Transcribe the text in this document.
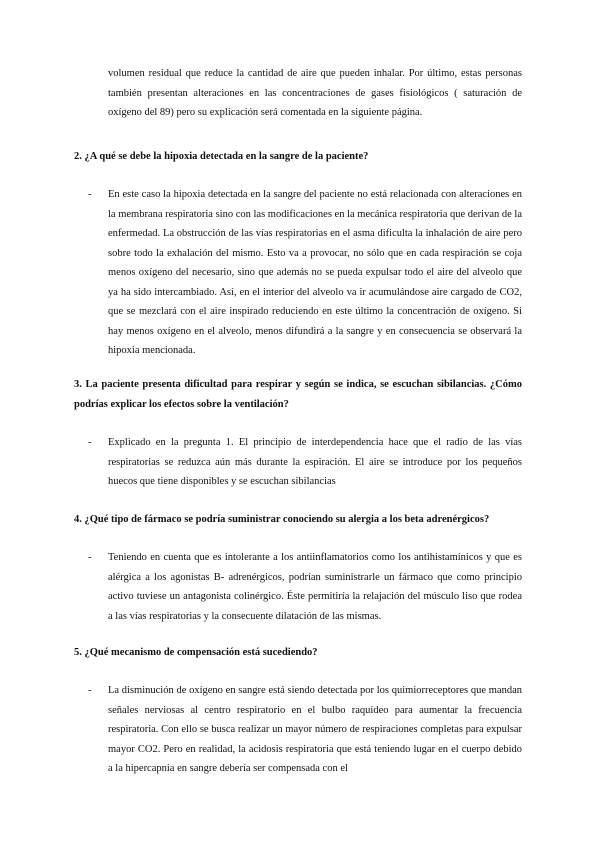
volumen residual que reduce la cantidad de aire que pueden inhalar. Por último, estas personas también presentan alteraciones en las concentraciones de gases fisiológicos ( saturación de oxígeno del 89) pero su explicación será comentada en la siguiente página.

2. ¿A qué se debe la hipoxia detectada en la sangre de la paciente?

- En este caso la hipoxia detectada en la sangre del paciente no está relacionada con alteraciones en la membrana respiratoria sino con las modificaciones en la mecánica respiratoria que derivan de la enfermedad. La obstrucción de las vías respiratorias en el asma dificulta la inhalación de aire pero sobre todo la exhalación del mismo. Esto va a provocar, no sólo que en cada respiración se coja menos oxígeno del necesario, sino que además no se pueda expulsar todo el aire del alveolo que ya ha sido intercambiado. Así, en el interior del alveolo va ir acumulándose aire cargado de CO2, que se mezclará con el aire inspirado reduciendo en este último la concentración de oxígeno. Si hay menos oxígeno en el alveolo, menos difundirá a la sangre y en consecuencia se observará la hipoxia mencionada.

3. La paciente presenta dificultad para respirar y según se indica, se escuchan sibilancias. ¿Cómo podrías explicar los efectos sobre la ventilación?

- Explicado en la pregunta 1. El principio de interdependencia hace que el radio de las vías respiratorias se reduzca aún más durante la espiración. El aire se introduce por los pequeños huecos que tiene disponibles y se escuchan sibilancias

4. ¿Qué tipo de fármaco se podría suministrar conociendo su alergia a los beta adrenérgicos?

- Teniendo en cuenta que es intolerante a los antiinflamatorios como los antihistamínicos y que es alérgica a los agonistas B- adrenérgicos, podrían suministrarle un fármaco que como principio activo tuviese un antagonista colinérgico. Éste permitiría la relajación del músculo liso que rodea a las vías respiratorias y la consecuente dilatación de las mismas.

5. ¿Qué mecanismo de compensación está sucediendo?

- La disminución de oxígeno en sangre está siendo detectada por los quimiorreceptores que mandan señales nerviosas al centro respiratorio en el bulbo raquídeo para aumentar la frecuencia respiratoria. Con ello se busca realizar un mayor número de respiraciones completas para expulsar mayor CO2. Pero en realidad, la acidosis respiratoria que está teniendo lugar en el cuerpo debido a la hipercapnia en sangre debería ser compensada con el
